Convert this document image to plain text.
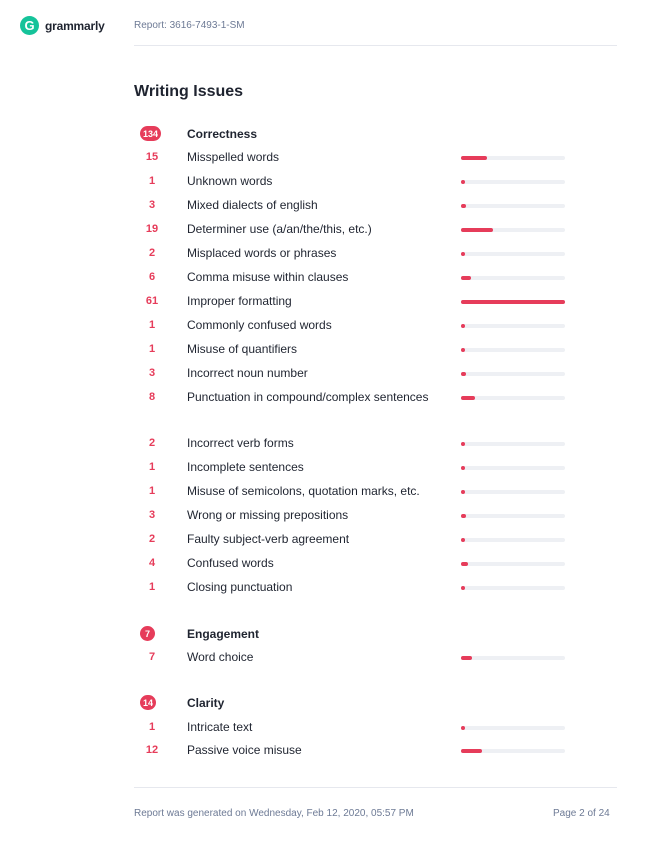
G grammarly	Report: 3616-7493-1-SM
Writing Issues
134 Correctness
15	Misspelled words
1	Unknown words
3	Mixed dialects of english
19	Determiner use (a/an/the/this, etc.)
2	Misplaced words or phrases
6	Comma misuse within clauses
61	Improper formatting
1	Commonly confused words
1	Misuse of quantifiers
3	Incorrect noun number
8	Punctuation in compound/complex sentences
2	Incorrect verb forms
1	Incomplete sentences
1	Misuse of semicolons, quotation marks, etc.
3	Wrong or missing prepositions
2	Faulty subject-verb agreement
4	Confused words
1	Closing punctuation
7	Engagement
7	Word choice
14	Clarity
1	Intricate text
12	Passive voice misuse
Report was generated on Wednesday, Feb 12, 2020, 05:57 PM	Page 2 of 24
